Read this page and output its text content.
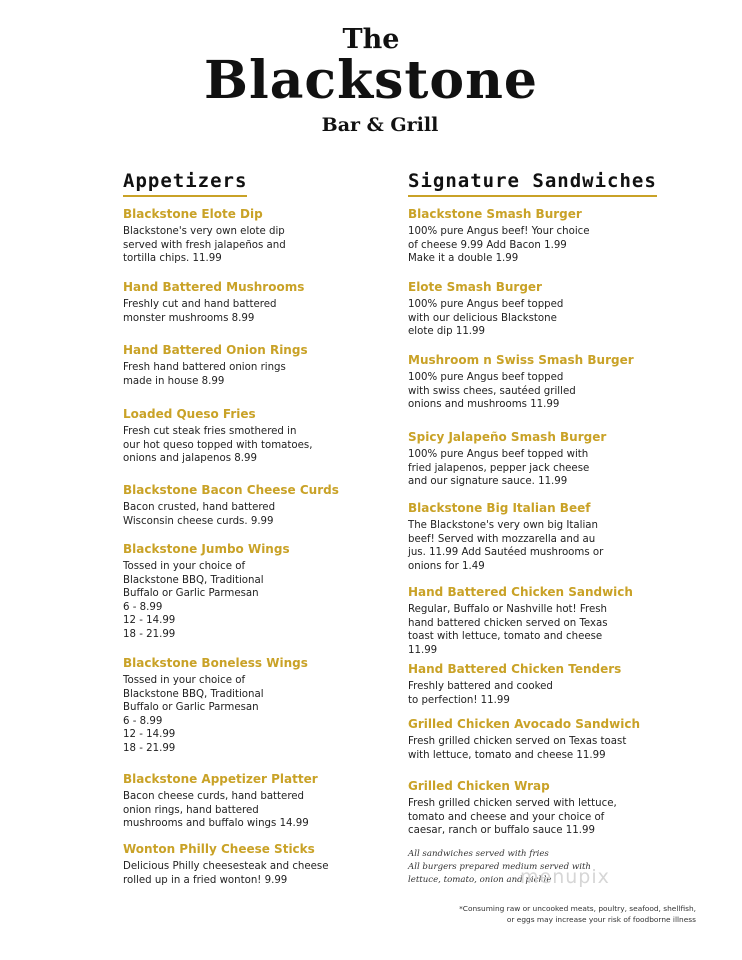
The
Blackstone
Bar & Grill
Appetizers
Blackstone Elote Dip
Blackstone's very own elote dip
served with fresh jalapeños and
tortilla chips. 11.99
Hand Battered Mushrooms
Freshly cut and hand battered
monster mushrooms 8.99
Hand Battered Onion Rings
Fresh hand battered onion rings
made in house 8.99
Loaded Queso Fries
Fresh cut steak fries smothered in
our hot queso topped with tomatoes,
onions and jalapenos 8.99
Blackstone Bacon Cheese Curds
Bacon crusted, hand battered
Wisconsin cheese curds. 9.99
Blackstone Jumbo Wings
Tossed in your choice of
Blackstone BBQ, Traditional
Buffalo or Garlic Parmesan
6 - 8.99
12 - 14.99
18 - 21.99
Blackstone Boneless Wings
Tossed in your choice of
Blackstone BBQ, Traditional
Buffalo or Garlic Parmesan
6 - 8.99
12 - 14.99
18 - 21.99
Blackstone Appetizer Platter
Bacon cheese curds, hand battered
onion rings, hand battered
mushrooms and buffalo wings 14.99
Wonton Philly Cheese Sticks
Delicious Philly cheesesteak and cheese
rolled up in a fried wonton! 9.99
Signature Sandwiches
Blackstone Smash Burger
100% pure Angus beef! Your choice
of cheese 9.99 Add Bacon 1.99
Make it a double 1.99
Elote Smash Burger
100% pure Angus beef topped
with our delicious Blackstone
elote dip 11.99
Mushroom n Swiss Smash Burger
100% pure Angus beef topped
with swiss chees, sautéed grilled
onions and mushrooms 11.99
Spicy Jalapeño Smash Burger
100% pure Angus beef topped with
fried jalapenos, pepper jack cheese
and our signature sauce. 11.99
Blackstone Big Italian Beef
The Blackstone's very own big Italian
beef! Served with mozzarella and au
jus. 11.99 Add Sautéed mushrooms or
onions for 1.49
Hand Battered Chicken Sandwich
Regular, Buffalo or Nashville hot! Fresh
hand battered chicken served on Texas
toast with lettuce, tomato and cheese
11.99
Hand Battered Chicken Tenders
Freshly battered and cooked
to perfection! 11.99
Grilled Chicken Avocado Sandwich
Fresh grilled chicken served on Texas toast
with lettuce, tomato and cheese 11.99
Grilled Chicken Wrap
Fresh grilled chicken served with lettuce,
tomato and cheese and your choice of
caesar, ranch or buffalo sauce 11.99
All sandwiches served with fries
All burgers prepared medium served with
lettuce, tomato, onion and pickle
menupix
*Consuming raw or uncooked meats, poultry, seafood, shellfish,
or eggs may increase your risk of foodborne illness
